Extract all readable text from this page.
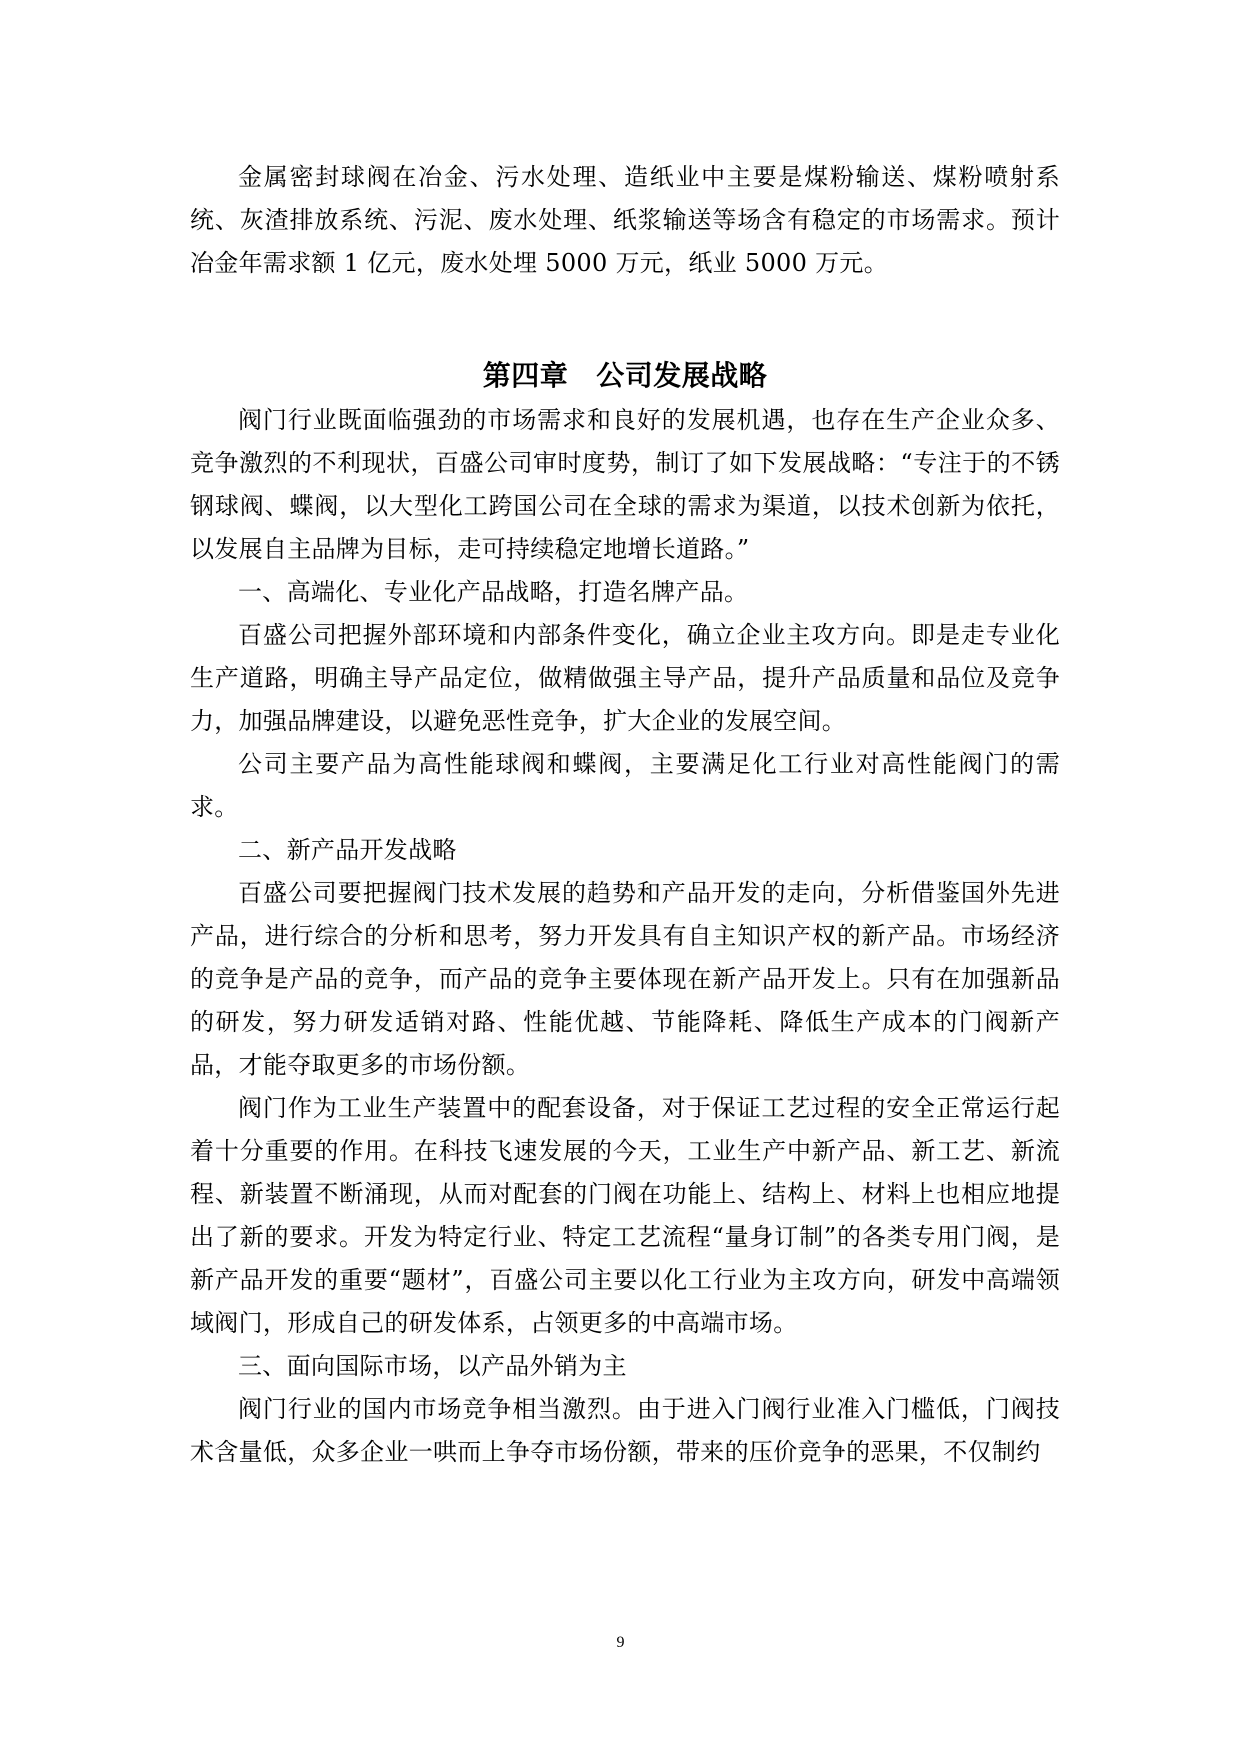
金属密封球阀在冶金、污水处理、造纸业中主要是煤粉输送、煤粉喷射系统、灰渣排放系统、污泥、废水处理、纸浆输送等场含有稳定的市场需求。预计冶金年需求额 1 亿元，废水处埋 5000 万元，纸业 5000 万元。

第四章 公司发展战略

阀门行业既面临强劲的市场需求和良好的发展机遇，也存在生产企业众多、竞争激烈的不利现状，百盛公司审时度势，制订了如下发展战略：“专注于的不锈钢球阀、蝶阀，以大型化工跨国公司在全球的需求为渠道，以技术创新为依托，以发展自主品牌为目标，走可持续稳定地增长道路。”

一、高端化、专业化产品战略，打造名牌产品。

百盛公司把握外部环境和内部条件变化，确立企业主攻方向。即是走专业化生产道路，明确主导产品定位，做精做强主导产品，提升产品质量和品位及竞争力，加强品牌建设，以避免恶性竞争，扩大企业的发展空间。

公司主要产品为高性能球阀和蝶阀，主要满足化工行业对高性能阀门的需求。

二、新产品开发战略

百盛公司要把握阀门技术发展的趋势和产品开发的走向，分析借鉴国外先进产品，进行综合的分析和思考，努力开发具有自主知识产权的新产品。市场经济的竞争是产品的竞争，而产品的竞争主要体现在新产品开发上。只有在加强新品的研发，努力研发适销对路、性能优越、节能降耗、降低生产成本的门阀新产品，才能夺取更多的市场份额。

阀门作为工业生产装置中的配套设备，对于保证工艺过程的安全正常运行起着十分重要的作用。在科技飞速发展的今天，工业生产中新产品、新工艺、新流程、新装置不断涌现，从而对配套的门阀在功能上、结构上、材料上也相应地提出了新的要求。开发为特定行业、特定工艺流程“量身订制”的各类专用门阀，是新产品开发的重要“题材”，百盛公司主要以化工行业为主攻方向，研发中高端领域阀门，形成自己的研发体系，占领更多的中高端市场。

三、面向国际市场，以产品外销为主

阀门行业的国内市场竞争相当激烈。由于进入门阀行业准入门槛低，门阀技术含量低，众多企业一哄而上争夺市场份额，带来的压价竞争的恶果，不仅制约

9
